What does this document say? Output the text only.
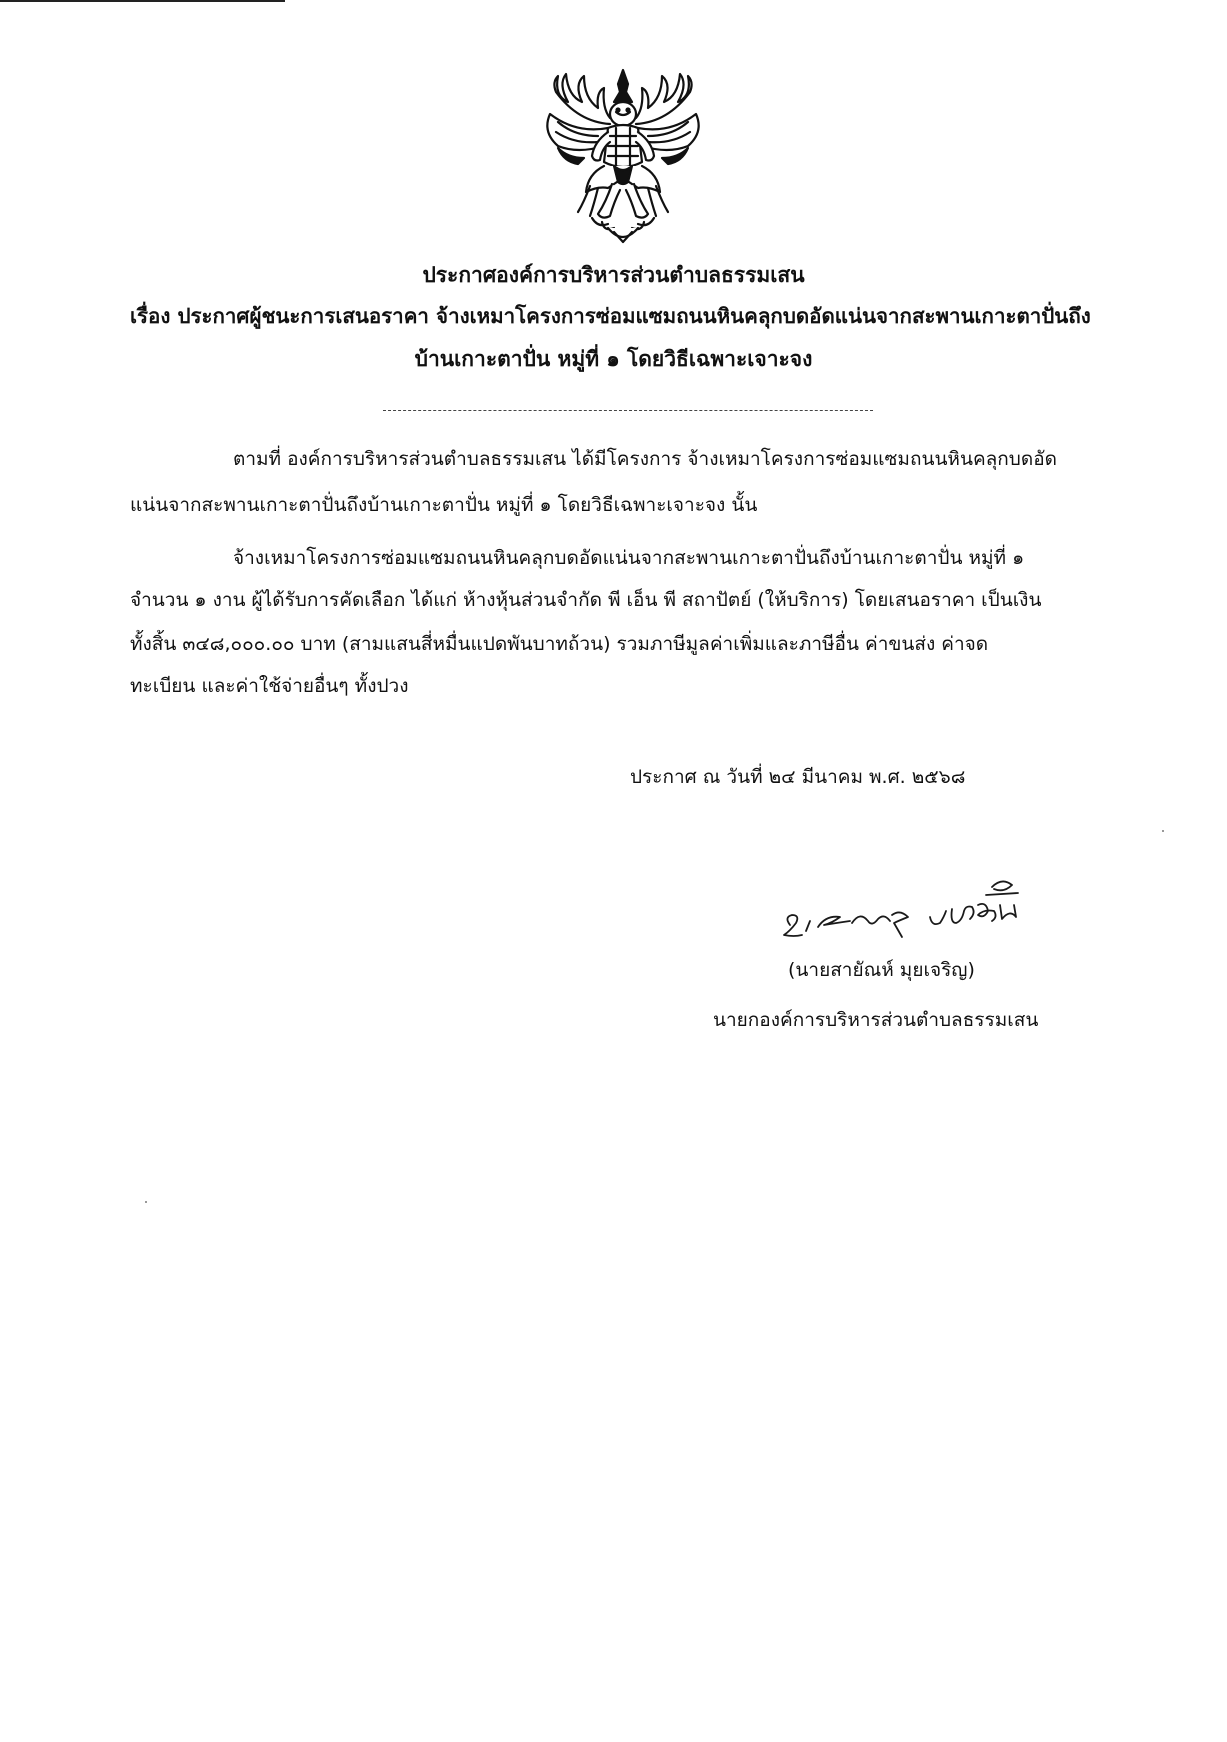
ประกาศองค์การบริหารส่วนตำบลธรรมเสน
เรื่อง ประกาศผู้ชนะการเสนอราคา จ้างเหมาโครงการซ่อมแซมถนนหินคลุกบดอัดแน่นจากสะพานเกาะตาปั่นถึง
บ้านเกาะตาปั่น หมู่ที่ ๑ โดยวิธีเฉพาะเจาะจง
ตามที่ องค์การบริหารส่วนตำบลธรรมเสน ได้มีโครงการ จ้างเหมาโครงการซ่อมแซมถนนหินคลุกบดอัด
แน่นจากสะพานเกาะตาปั่นถึงบ้านเกาะตาปั่น หมู่ที่ ๑ โดยวิธีเฉพาะเจาะจง นั้น
จ้างเหมาโครงการซ่อมแซมถนนหินคลุกบดอัดแน่นจากสะพานเกาะตาปั่นถึงบ้านเกาะตาปั่น หมู่ที่ ๑
จำนวน ๑ งาน ผู้ได้รับการคัดเลือก ได้แก่ ห้างหุ้นส่วนจำกัด พี เอ็น พี สถาปัตย์ (ให้บริการ) โดยเสนอราคา เป็นเงิน
ทั้งสิ้น ๓๔๘,๐๐๐.๐๐ บาท (สามแสนสี่หมื่นแปดพันบาทถ้วน) รวมภาษีมูลค่าเพิ่มและภาษีอื่น ค่าขนส่ง ค่าจด
ทะเบียน และค่าใช้จ่ายอื่นๆ ทั้งปวง
ประกาศ ณ วันที่ ๒๔ มีนาคม พ.ศ. ๒๕๖๘
(นายสายัณห์ มุยเจริญ)
นายกองค์การบริหารส่วนตำบลธรรมเสน
